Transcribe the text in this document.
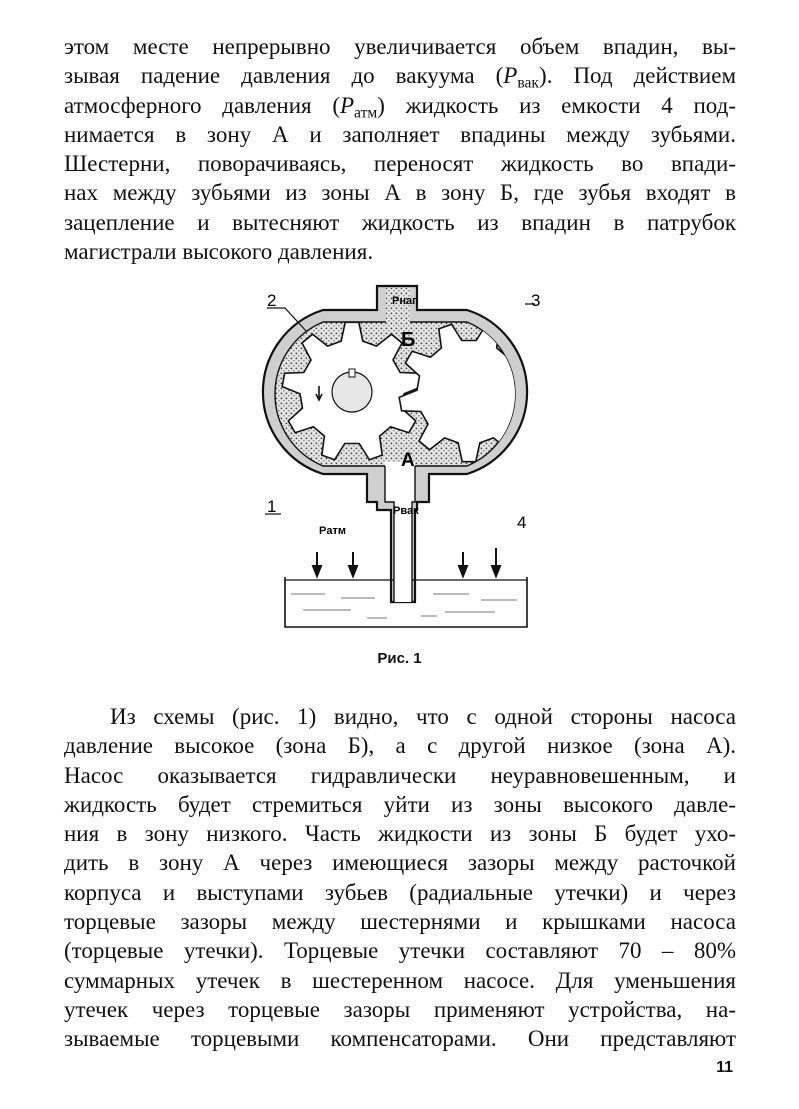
этом месте непрерывно увеличивается объем впадин, вы-
зывая падение давления до вакуума $(P_{вак})$. Под действием
атмосферного давления $(P_{атм})$ жидкость из емкости 4 под-
нимается в зону А и заполняет впадины между зубьями.
Шестерни, поворачиваясь, переносят жидкость во впади-
нах между зубьями из зоны А в зону Б, где зубья входят в
зацепление и вытесняют жидкость из впадин в патрубок
магистрали высокого давления.
2	3
1
4
Б
А
Pнаг
Pвак
Pатм
Рис. 1
Из схемы (рис. 1) видно, что с одной стороны насоса
давление высокое (зона Б), а с другой низкое (зона А).
Насос оказывается гидравлически неуравновешенным, и
жидкость будет стремиться уйти из зоны высокого давле-
ния в зону низкого. Часть жидкости из зоны Б будет ухо-
дить в зону А через имеющиеся зазоры между расточкой
корпуса и выступами зубьев (радиальные утечки) и через
торцевые зазоры между шестернями и крышками насоса
(торцевые утечки). Торцевые утечки составляют 70 – 80%
суммарных утечек в шестеренном насосе. Для уменьшения
утечек через торцевые зазоры применяют устройства, на-
зываемые торцевыми компенсаторами. Они представляют
11
